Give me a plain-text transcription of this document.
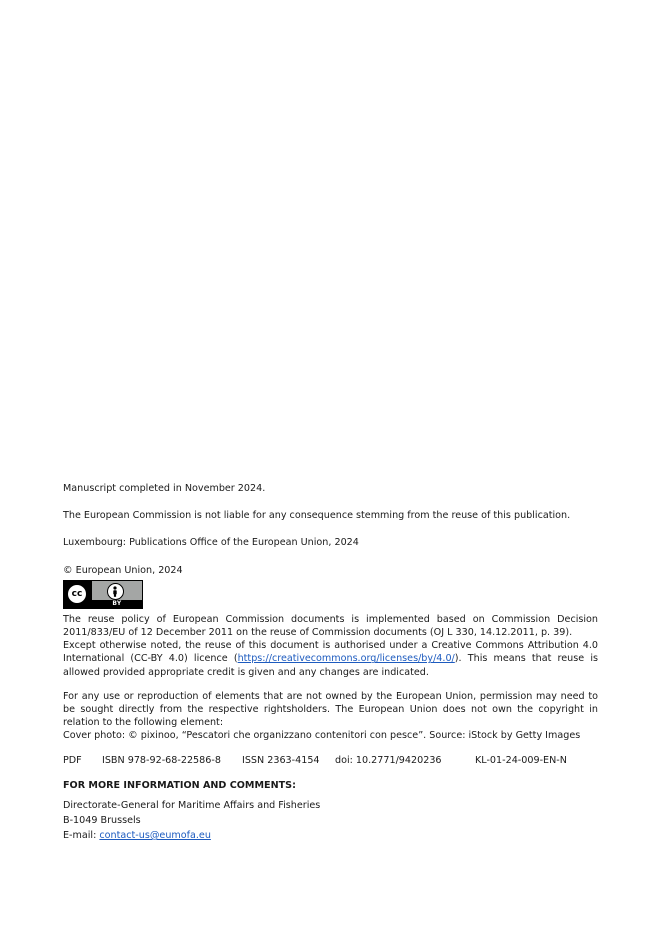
Manuscript completed in November 2024.

The European Commission is not liable for any consequence stemming from the reuse of this publication.

Luxembourg: Publications Office of the European Union, 2024

© European Union, 2024

cc
BY

The reuse policy of European Commission documents is implemented based on Commission Decision 2011/833/EU of 12 December 2011 on the reuse of Commission documents (OJ L 330, 14.12.2011, p. 39).

Except otherwise noted, the reuse of this document is authorised under a Creative Commons Attribution 4.0 International (CC-BY 4.0) licence (https://creativecommons.org/licenses/by/4.0/). This means that reuse is allowed provided appropriate credit is given and any changes are indicated.

For any use or reproduction of elements that are not owned by the European Union, permission may need to be sought directly from the respective rightsholders. The European Union does not own the copyright in relation to the following element:

Cover photo: © pixinoo, “Pescatori che organizzano contenitori con pesce”. Source: iStock by Getty Images

PDF	ISBN 978-92-68-22586-8	ISSN 2363-4154	doi: 10.2771/9420236	KL-01-24-009-EN-N

FOR MORE INFORMATION AND COMMENTS:

Directorate-General for Maritime Affairs and Fisheries

B-1049 Brussels

E-mail: contact-us@eumofa.eu
